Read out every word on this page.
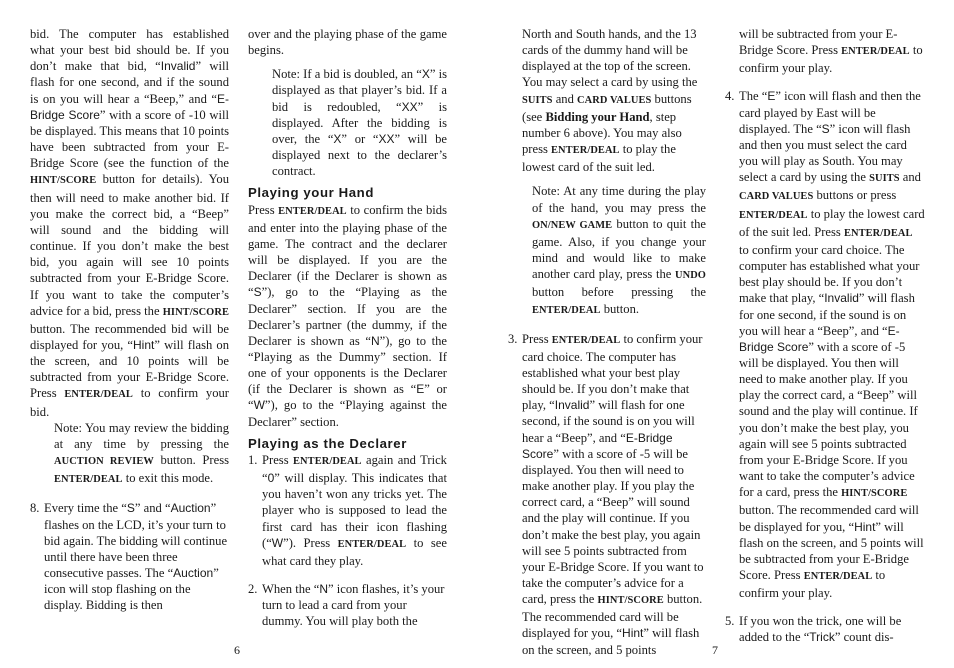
bid. The computer has established what your best bid should be. If you don’t make that bid, “Invalid” will flash for one second, and if the sound is on you will hear a “Beep,” and “E-Bridge Score” with a score of -10 will be displayed. This means that 10 points have been subtracted from your E-Bridge Score (see the function of the HINT/SCORE button for details). You then will need to make another bid. If you make the correct bid, a “Beep” will sound and the bidding will continue. If you don’t make the best bid, you again will see 10 points subtracted from your E-Bridge Score. If you want to take the computer’s advice for a bid, press the HINT/SCORE button. The recommended bid will be displayed for you, “Hint” will flash on the screen, and 10 points will be subtracted from your E-Bridge Score. Press ENTER/DEAL to confirm your bid.

Note: You may review the bidding at any time by pressing the AUCTION REVIEW button. Press ENTER/DEAL to exit this mode.

8. Every time the “S” and “Auction” flashes on the LCD, it’s your turn to bid again. The bidding will continue until there have been three consecutive passes. The “Auction” icon will stop flashing on the display. Bidding is then

over and the playing phase of the game begins.

Note: If a bid is doubled, an “X” is displayed as that player’s bid. If a bid is redoubled, “XX” is displayed. After the bidding is over, the “X” or “XX” will be displayed next to the declarer’s contract.

Playing your Hand

Press ENTER/DEAL to confirm the bids and enter into the playing phase of the game. The contract and the declarer will be displayed. If you are the Declarer (if the Declarer is shown as “S”), go to the “Playing as the Declarer” section. If you are the Declarer’s partner (the dummy, if the Declarer is shown as “N”), go to the “Playing as the Dummy” section. If one of your opponents is the Declarer (if the Declarer is shown as “E” or “W”), go to the “Playing against the Declarer” section.

Playing as the Declarer

1. Press ENTER/DEAL again and Trick “0” will display. This indicates that you haven’t won any tricks yet. The player who is supposed to lead the first card has their icon flashing (“W”). Press ENTER/DEAL to see what card they play.

2. When the “N” icon flashes, it’s your turn to lead a card from your dummy. You will play both the

6

North and South hands, and the 13 cards of the dummy hand will be displayed at the top of the screen. You may select a card by using the SUITS and CARD VALUES buttons (see Bidding your Hand, step number 6 above). You may also press ENTER/DEAL to play the lowest card of the suit led.

Note: At any time during the play of the hand, you may press the ON/NEW GAME button to quit the game. Also, if you change your mind and would like to make another card play, press the UNDO button before pressing the ENTER/DEAL button.

3. Press ENTER/DEAL to confirm your card choice. The computer has established what your best play should be. If you don’t make that play, “Invalid” will flash for one second, if the sound is on you will hear a “Beep”, and “E-Bridge Score” with a score of -5 will be displayed. You then will need to make another play. If you play the correct card, a “Beep” will sound and the play will continue. If you don’t make the best play, you again will see 5 points subtracted from your E-Bridge Score. If you want to take the computer’s advice for a card, press the HINT/SCORE button. The recommended card will be displayed for you, “Hint” will flash on the screen, and 5 points

will be subtracted from your E-Bridge Score. Press ENTER/DEAL to confirm your play.

4. The “E” icon will flash and then the card played by East will be displayed. The “S” icon will flash and then you must select the card you will play as South. You may select a card by using the SUITS and CARD VALUES buttons or press ENTER/DEAL to play the lowest card of the suit led. Press ENTER/DEAL to confirm your card choice. The computer has established what your best play should be. If you don’t make that play, “Invalid” will flash for one second, if the sound is on you will hear a “Beep”, and “E-Bridge Score” with a score of -5 will be displayed. You then will need to make another play. If you play the correct card, a “Beep” will sound and the play will continue. If you don’t make the best play, you again will see 5 points subtracted from your E-Bridge Score. If you want to take the computer’s advice for a card, press the HINT/SCORE button. The recommended card will be displayed for you, “Hint” will flash on the screen, and 5 points will be subtracted from your E-Bridge Score. Press ENTER/DEAL to confirm your play.

5. If you won the trick, one will be added to the “Trick” count dis-

7
